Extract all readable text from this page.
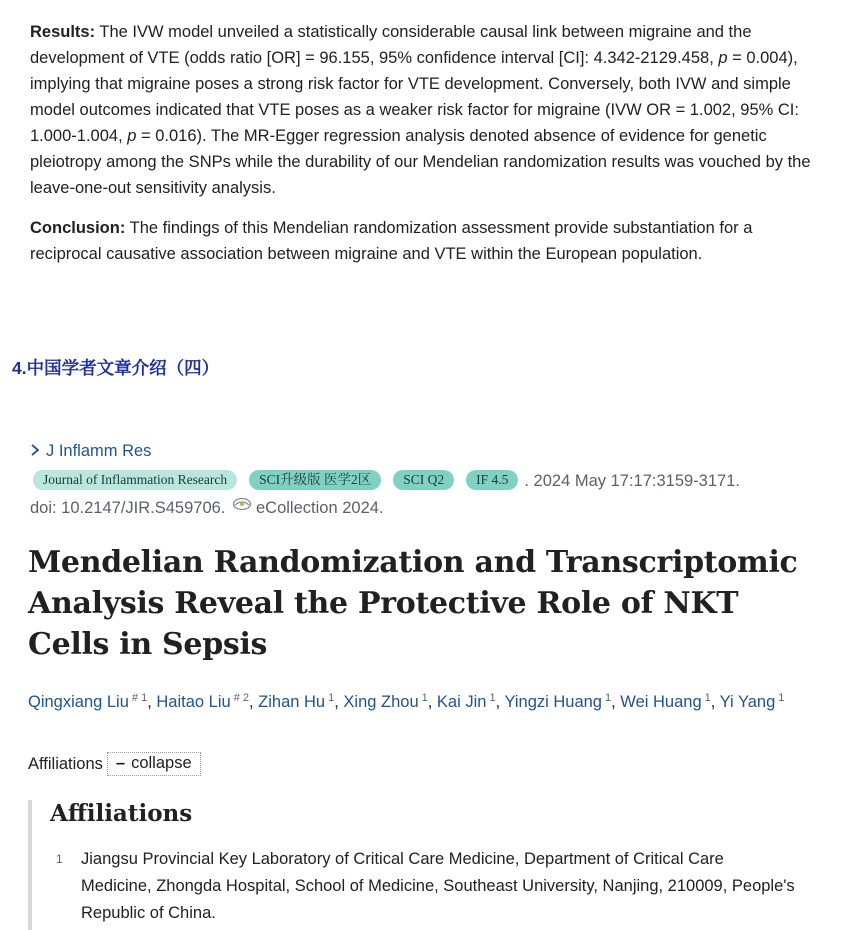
Results: The IVW model unveiled a statistically considerable causal link between migraine and the development of VTE (odds ratio [OR] = 96.155, 95% confidence interval [CI]: 4.342-2129.458, p = 0.004), implying that migraine poses a strong risk factor for VTE development. Conversely, both IVW and simple model outcomes indicated that VTE poses as a weaker risk factor for migraine (IVW OR = 1.002, 95% CI: 1.000-1.004, p = 0.016). The MR-Egger regression analysis denoted absence of evidence for genetic pleiotropy among the SNPs while the durability of our Mendelian randomization results was vouched by the leave-one-out sensitivity analysis.

Conclusion: The findings of this Mendelian randomization assessment provide substantiation for a reciprocal causative association between migraine and VTE within the European population.

4.中国学者文章介绍（四）
J Inflamm Res
Journal of Inflammation Research SCI升级版 医学2区 SCI Q2 IF 4.5 . 2024 May 17:17:3159-3171.
doi: 10.2147/JIR.S459706. eCollection 2024.
Mendelian Randomization and Transcriptomic Analysis Reveal the Protective Role of NKT Cells in Sepsis
Qingxiang Liu $^{\# 1}$, Haitao Liu $^{\# 2}$, Zihan Hu $^1$, Xing Zhou $^1$, Kai Jin $^1$, Yingzi Huang $^1$, Wei Huang $^1$, Yi Yang $^1$
Affiliations – collapse
Affiliations
1 Jiangsu Provincial Key Laboratory of Critical Care Medicine, Department of Critical Care Medicine, Zhongda Hospital, School of Medicine, Southeast University, Nanjing, 210009, People's Republic of China.
